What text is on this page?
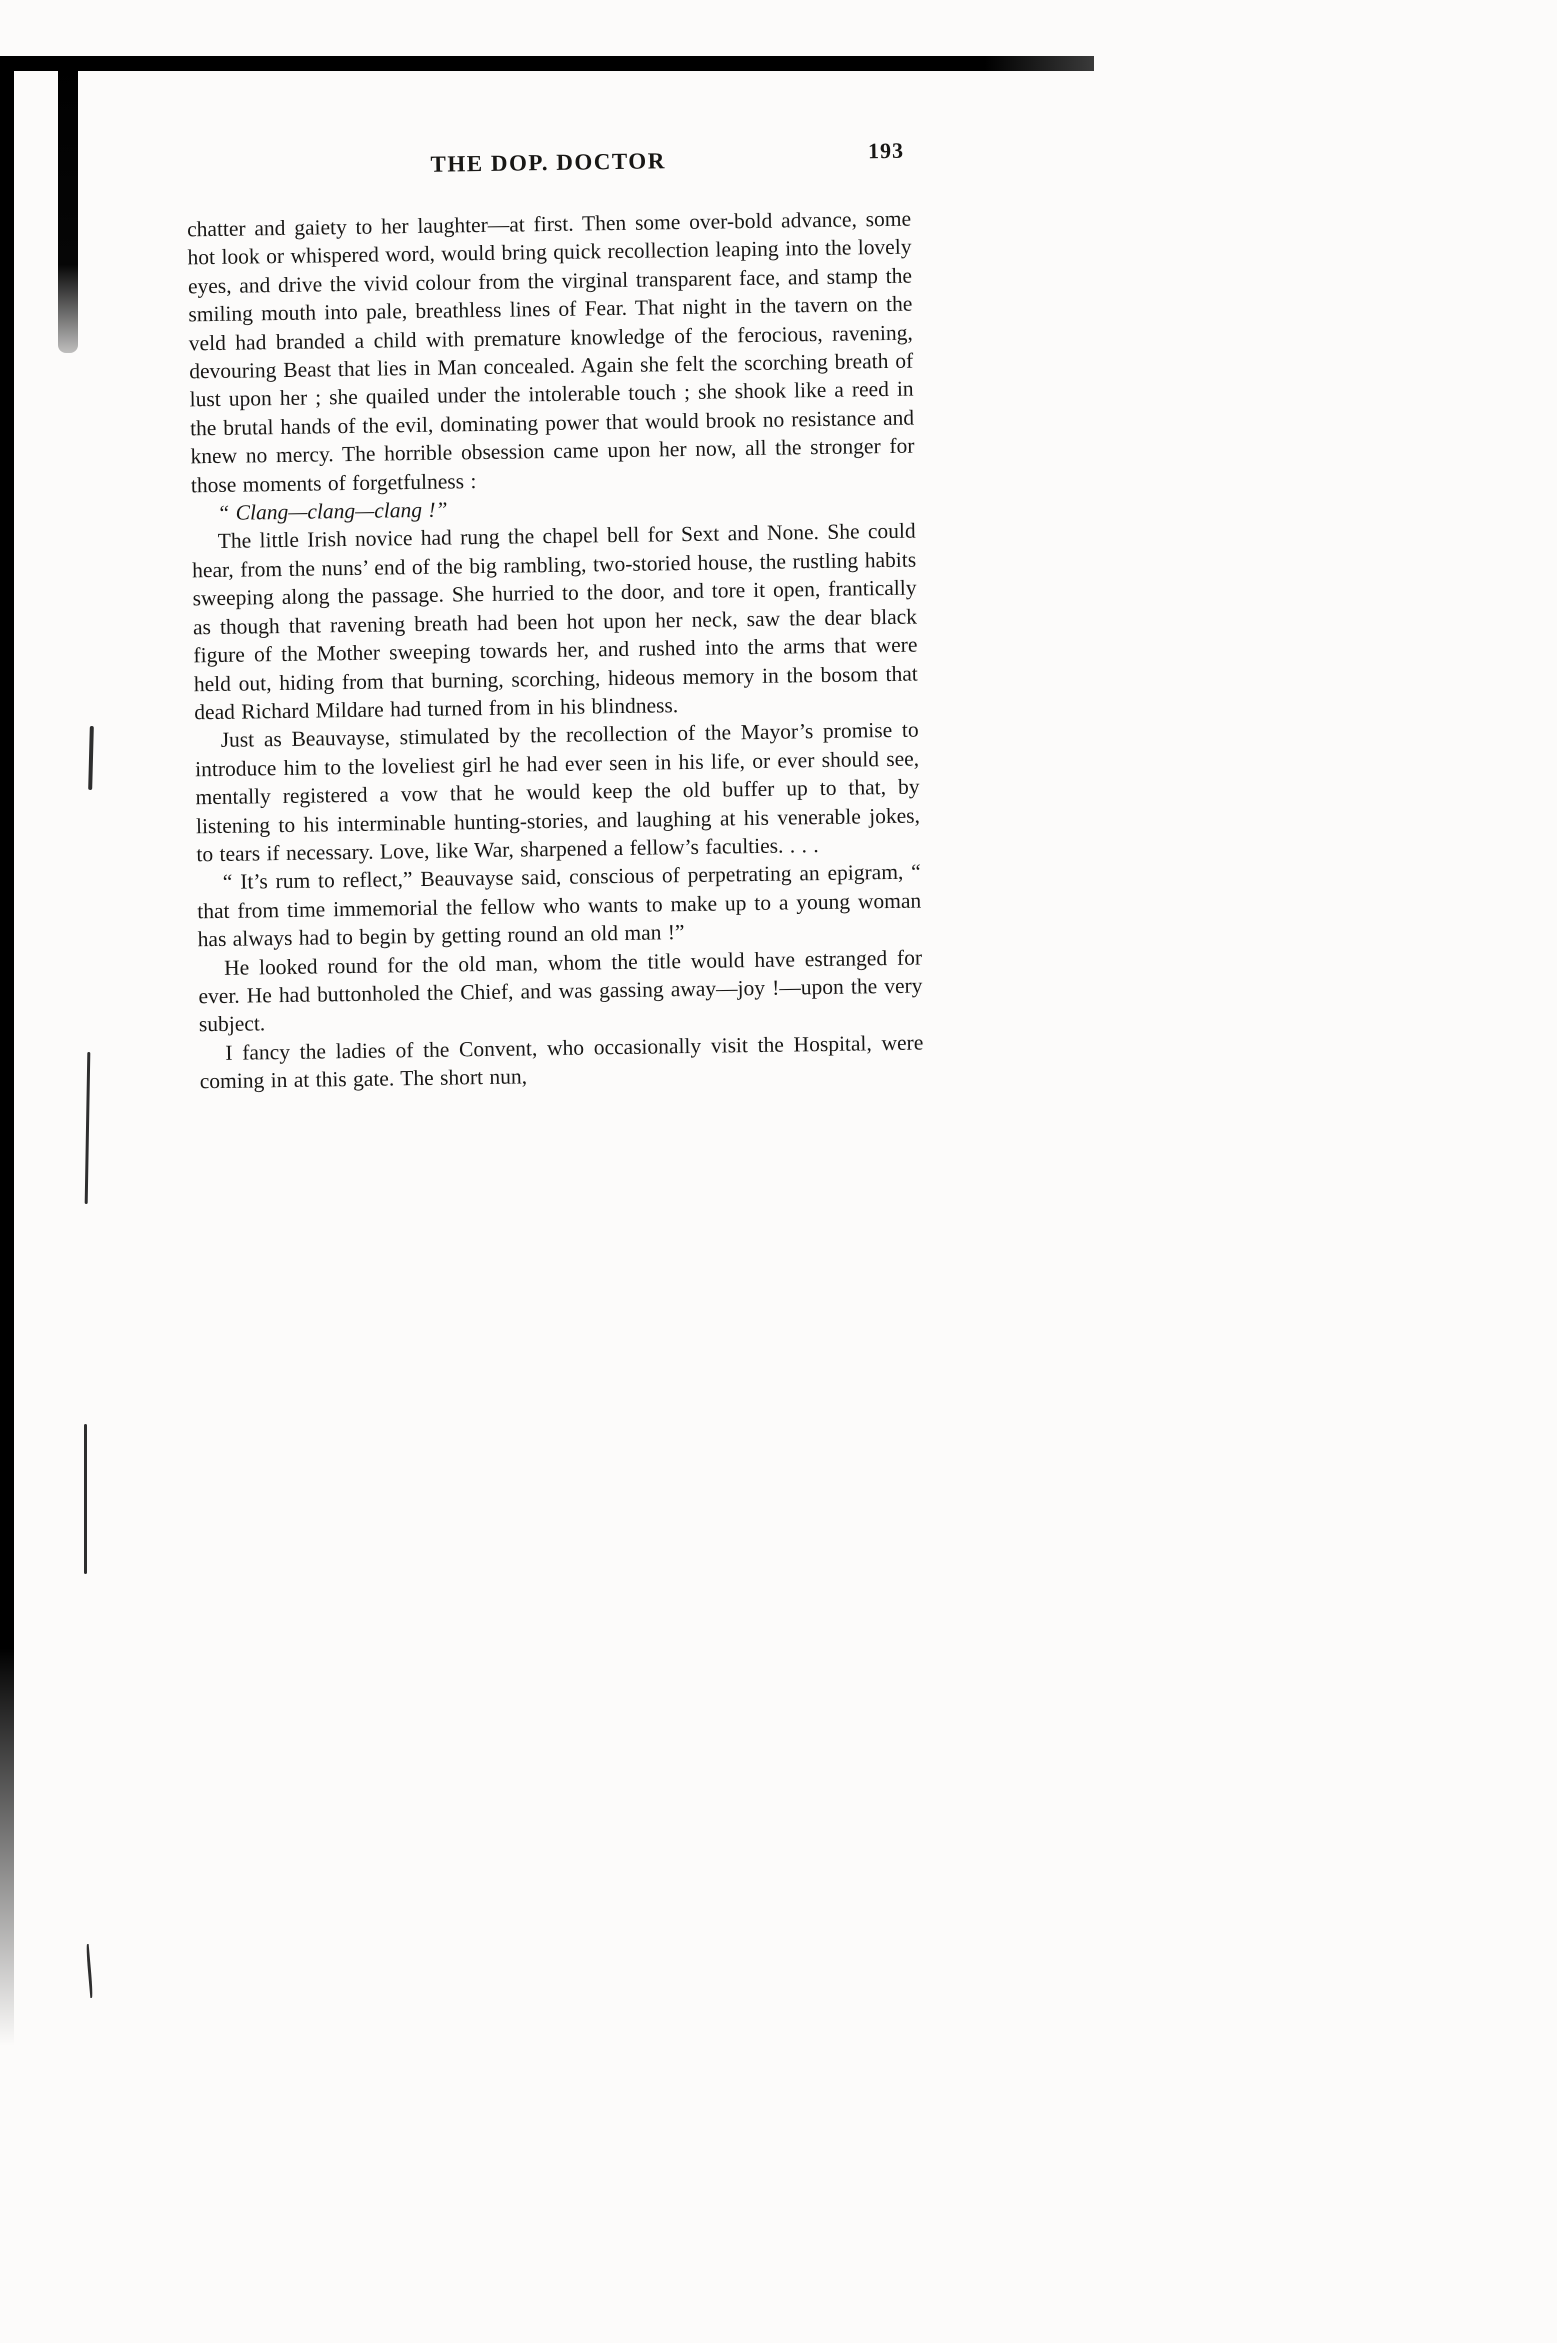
THE DOP. DOCTOR	193

chatter and gaiety to her laughter—at first. Then some over-bold advance, some hot look or whispered word, would bring quick recollection leaping into the lovely eyes, and drive the vivid colour from the virginal transparent face, and stamp the smiling mouth into pale, breathless lines of Fear. That night in the tavern on the veld had branded a child with premature knowledge of the ferocious, ravening, devouring Beast that lies in Man concealed. Again she felt the scorching breath of lust upon her ; she quailed under the intolerable touch ; she shook like a reed in the brutal hands of the evil, dominating power that would brook no resistance and knew no mercy. The horrible obsession came upon her now, all the stronger for those moments of forgetfulness :

“ Clang—clang—clang !”

The little Irish novice had rung the chapel bell for Sext and None. She could hear, from the nuns’ end of the big rambling, two-storied house, the rustling habits sweeping along the passage. She hurried to the door, and tore it open, frantically as though that ravening breath had been hot upon her neck, saw the dear black figure of the Mother sweeping towards her, and rushed into the arms that were held out, hiding from that burning, scorching, hideous memory in the bosom that dead Richard Mildare had turned from in his blindness.

Just as Beauvayse, stimulated by the recollection of the Mayor’s promise to introduce him to the loveliest girl he had ever seen in his life, or ever should see, mentally registered a vow that he would keep the old buffer up to that, by listening to his interminable hunting-stories, and laughing at his venerable jokes, to tears if necessary. Love, like War, sharpened a fellow’s faculties. . . .

“ It’s rum to reflect,” Beauvayse said, conscious of perpetrating an epigram, “ that from time immemorial the fellow who wants to make up to a young woman has always had to begin by getting round an old man !”

He looked round for the old man, whom the title would have estranged for ever. He had buttonholed the Chief, and was gassing away—joy !—upon the very subject.

I fancy the ladies of the Convent, who occasionally visit the Hospital, were coming in at this gate. The short nun,
